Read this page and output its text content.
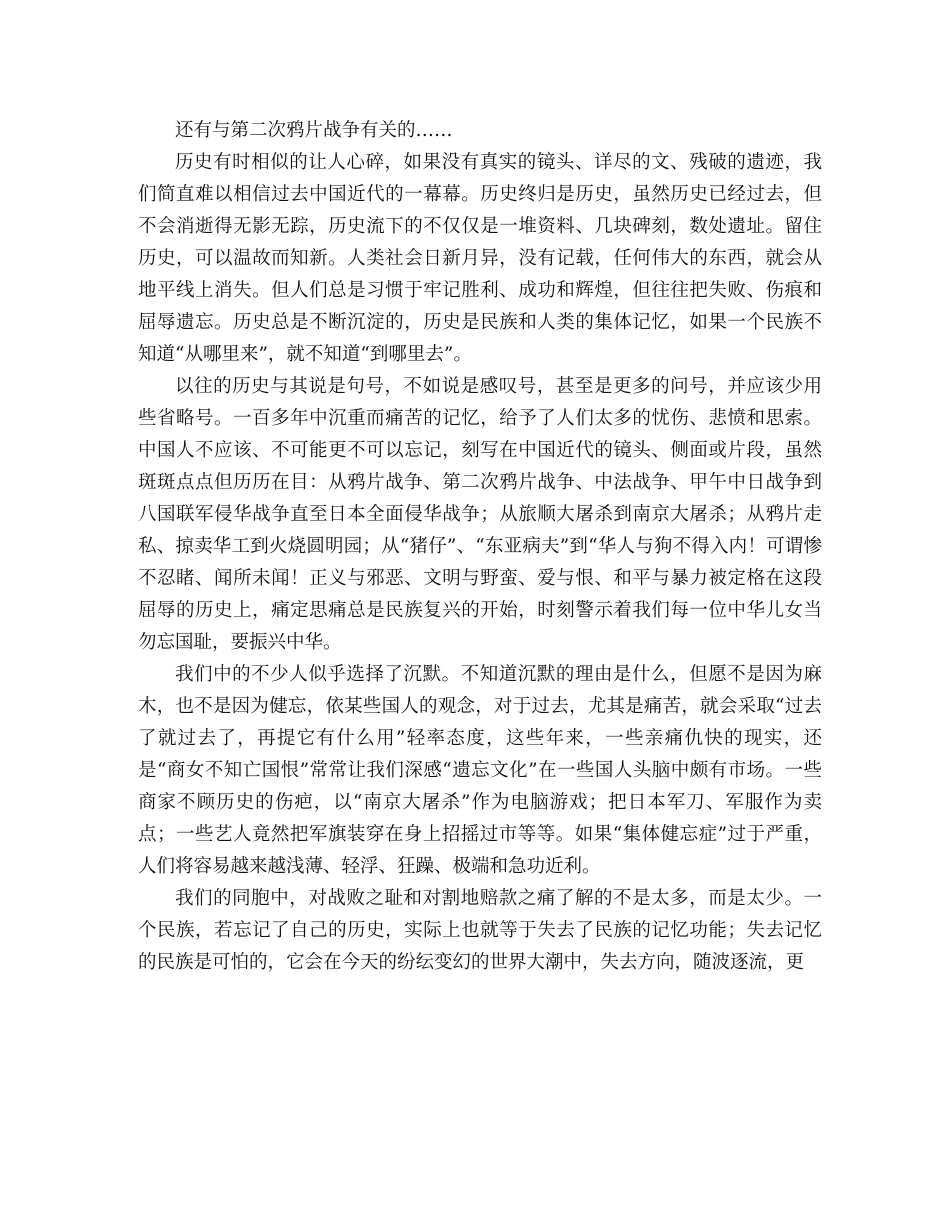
还有与第二次鸦片战争有关的……

历史有时相似的让人心碎，如果没有真实的镜头、详尽的文、残破的遗迹，我们简直难以相信过去中国近代的一幕幕。历史终归是历史，虽然历史已经过去，但不会消逝得无影无踪，历史流下的不仅仅是一堆资料、几块碑刻，数处遗址。留住历史，可以温故而知新。人类社会日新月异，没有记载，任何伟大的东西，就会从地平线上消失。但人们总是习惯于牢记胜利、成功和辉煌，但往往把失败、伤痕和屈辱遗忘。历史总是不断沉淀的，历史是民族和人类的集体记忆，如果一个民族不知道“从哪里来”，就不知道“到哪里去”。

以往的历史与其说是句号，不如说是感叹号，甚至是更多的问号，并应该少用些省略号。一百多年中沉重而痛苦的记忆，给予了人们太多的忧伤、悲愤和思索。中国人不应该、不可能更不可以忘记，刻写在中国近代的镜头、侧面或片段，虽然斑斑点点但历历在目：从鸦片战争、第二次鸦片战争、中法战争、甲午中日战争到八国联军侵华战争直至日本全面侵华战争；从旅顺大屠杀到南京大屠杀；从鸦片走私、掠卖华工到火烧圆明园；从“猪仔”、“东亚病夫”到“华人与狗不得入内！可谓惨不忍睹、闻所未闻！正义与邪恶、文明与野蛮、爱与恨、和平与暴力被定格在这段屈辱的历史上，痛定思痛总是民族复兴的开始，时刻警示着我们每一位中华儿女当勿忘国耻，要振兴中华。

我们中的不少人似乎选择了沉默。不知道沉默的理由是什么，但愿不是因为麻木，也不是因为健忘，依某些国人的观念，对于过去，尤其是痛苦，就会采取“过去了就过去了，再提它有什么用”轻率态度，这些年来，一些亲痛仇快的现实，还是“商女不知亡国恨”常常让我们深感“遗忘文化”在一些国人头脑中颇有市场。一些商家不顾历史的伤疤，以“南京大屠杀”作为电脑游戏；把日本军刀、军服作为卖点；一些艺人竟然把军旗装穿在身上招摇过市等等。如果“集体健忘症”过于严重，人们将容易越来越浅薄、轻浮、狂躁、极端和急功近利。

我们的同胞中，对战败之耻和对割地赔款之痛了解的不是太多，而是太少。一个民族，若忘记了自己的历史，实际上也就等于失去了民族的记忆功能；失去记忆的民族是可怕的，它会在今天的纷纭变幻的世界大潮中，失去方向，随波逐流，更
